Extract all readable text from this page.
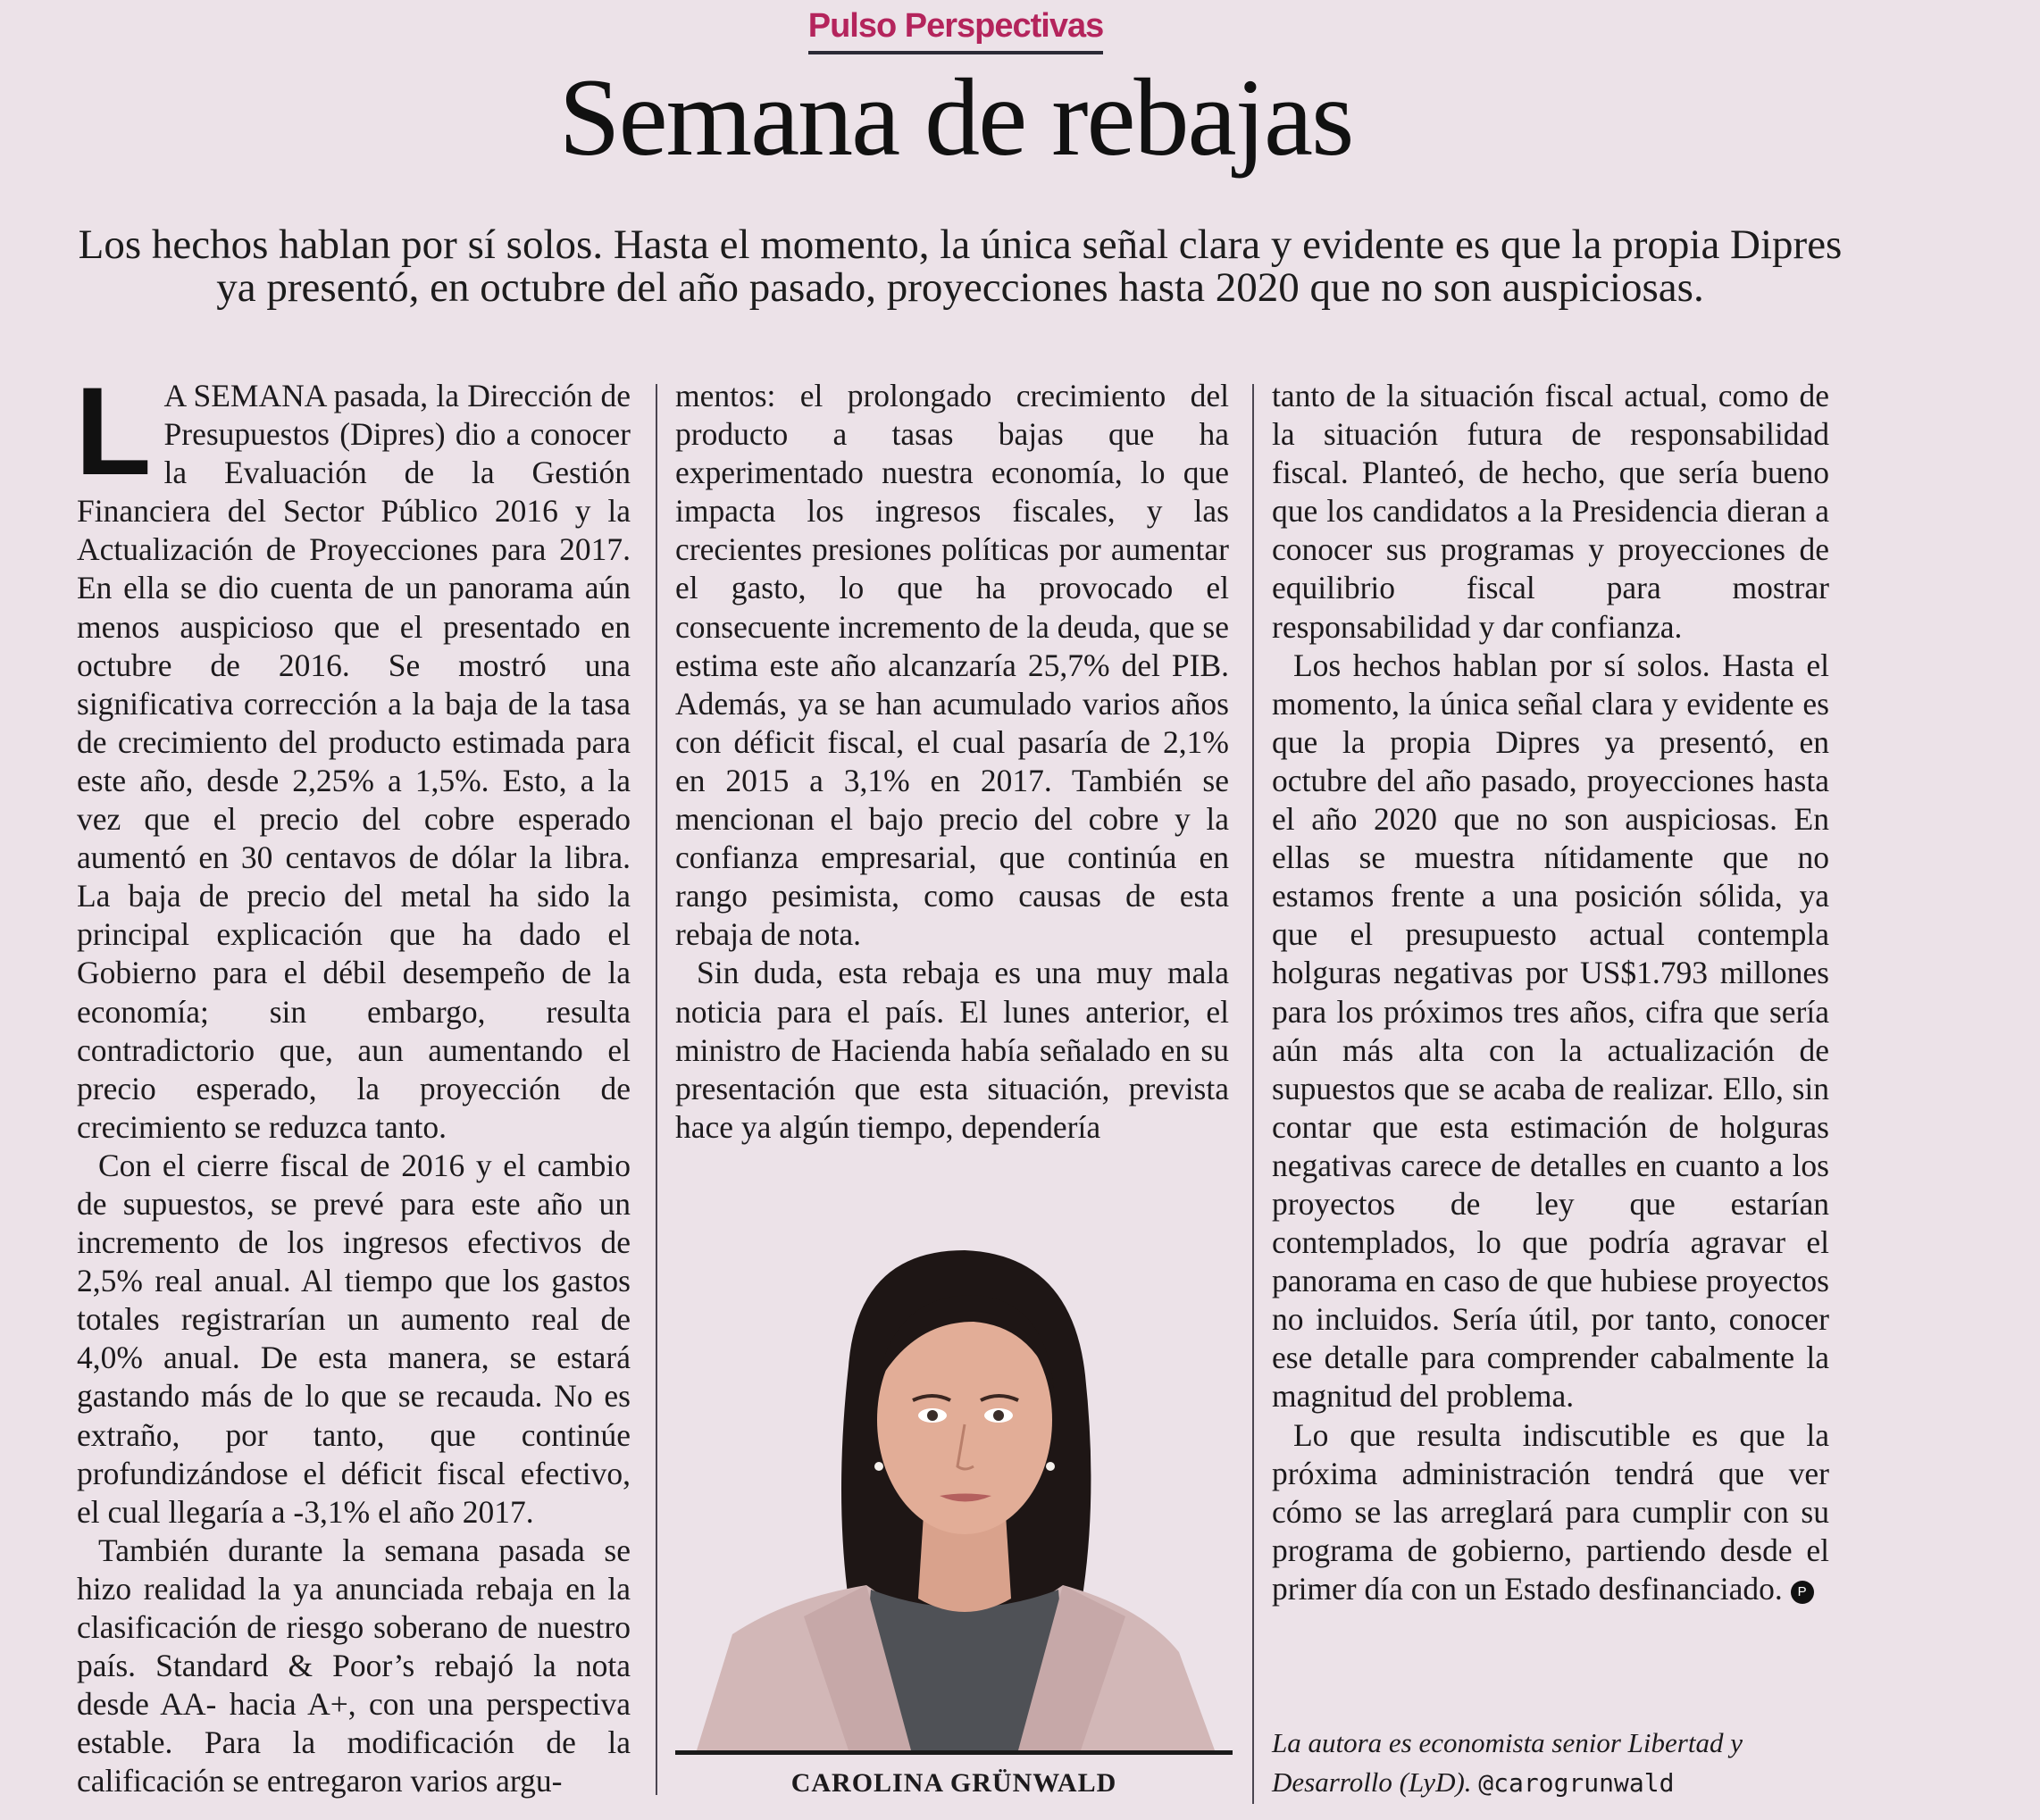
Pulso Perspectivas
Semana de rebajas
Los hechos hablan por sí solos. Hasta el momento, la única señal clara y evidente es que la propia Dipres ya presentó, en octubre del año pasado, proyecciones hasta 2020 que no son auspiciosas.

L A SEMANA pasada, la Dirección de Presupuestos (Dipres) dio a conocer la Evaluación de la Gestión Financiera del Sector Público 2016 y la Actualización de Proyecciones para 2017. En ella se dio cuenta de un panorama aún menos auspicioso que el presentado en octubre de 2016. Se mostró una significativa corrección a la baja de la tasa de crecimiento del producto estimada para este año, desde 2,25% a 1,5%. Esto, a la vez que el precio del cobre esperado aumentó en 30 centavos de dólar la libra. La baja de precio del metal ha sido la principal explicación que ha dado el Gobierno para el débil desempeño de la economía; sin embargo, resulta contradictorio que, aun aumentando el precio esperado, la proyección de crecimiento se reduzca tanto.

Con el cierre fiscal de 2016 y el cambio de supuestos, se prevé para este año un incremento de los ingresos efectivos de 2,5% real anual. Al tiempo que los gastos totales registrarían un aumento real de 4,0% anual. De esta manera, se estará gastando más de lo que se recauda. No es extraño, por tanto, que continúe profundizándose el déficit fiscal efectivo, el cual llegaría a -3,1% el año 2017.

También durante la semana pasada se hizo realidad la ya anunciada rebaja en la clasificación de riesgo soberano de nuestro país. Standard & Poor’s rebajó la nota desde AA- hacia A+, con una perspectiva estable. Para la modificación de la calificación se entregaron varios argu-

mentos: el prolongado crecimiento del producto a tasas bajas que ha experimentado nuestra economía, lo que impacta los ingresos fiscales, y las crecientes presiones políticas por aumentar el gasto, lo que ha provocado el consecuente incremento de la deuda, que se estima este año alcanzaría 25,7% del PIB. Además, ya se han acumulado varios años con déficit fiscal, el cual pasaría de 2,1% en 2015 a 3,1% en 2017. También se mencionan el bajo precio del cobre y la confianza empresarial, que continúa en rango pesimista, como causas de esta rebaja de nota.

Sin duda, esta rebaja es una muy mala noticia para el país. El lunes anterior, el ministro de Hacienda había señalado en su presentación que esta situación, prevista hace ya algún tiempo, dependería

CAROLINA GRÜNWALD

tanto de la situación fiscal actual, como de la situación futura de responsabilidad fiscal. Planteó, de hecho, que sería bueno que los candidatos a la Presidencia dieran a conocer sus programas y proyecciones de equilibrio fiscal para mostrar responsabilidad y dar confianza.

Los hechos hablan por sí solos. Hasta el momento, la única señal clara y evidente es que la propia Dipres ya presentó, en octubre del año pasado, proyecciones hasta el año 2020 que no son auspiciosas. En ellas se muestra nítidamente que no estamos frente a una posición sólida, ya que el presupuesto actual contempla holguras negativas por US$1.793 millones para los próximos tres años, cifra que sería aún más alta con la actualización de supuestos que se acaba de realizar. Ello, sin contar que esta estimación de holguras negativas carece de detalles en cuanto a los proyectos de ley que estarían contemplados, lo que podría agravar el panorama en caso de que hubiese proyectos no incluidos. Sería útil, por tanto, conocer ese detalle para comprender cabalmente la magnitud del problema.

Lo que resulta indiscutible es que la próxima administración tendrá que ver cómo se las arreglará para cumplir con su programa de gobierno, partiendo desde el primer día con un Estado desfinanciado. P

La autora es economista senior Libertad y Desarrollo (LyD). @carogrunwald
